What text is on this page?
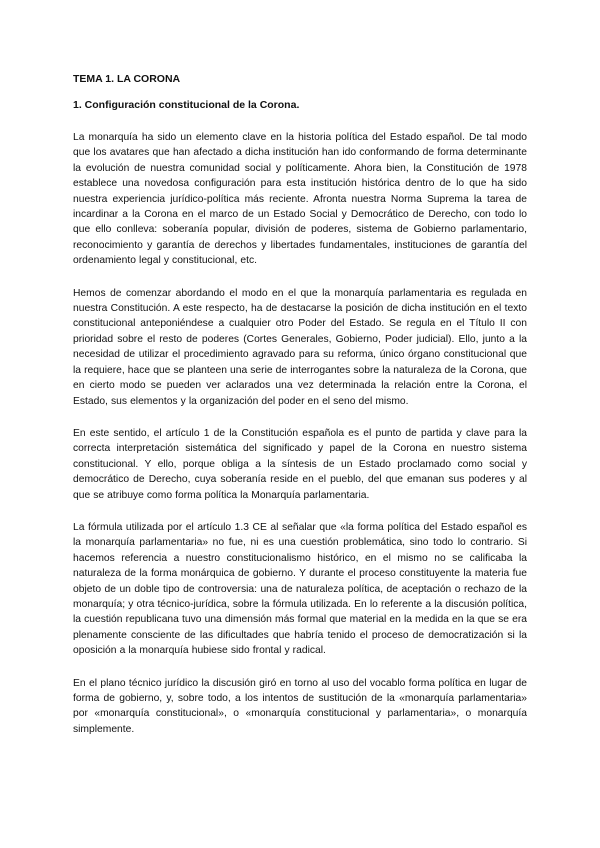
TEMA 1. LA CORONA

1. Configuración constitucional de la Corona.

La monarquía ha sido un elemento clave en la historia política del Estado español. De tal modo que los avatares que han afectado a dicha institución han ido conformando de forma determinante la evolución de nuestra comunidad social y políticamente. Ahora bien, la Constitución de 1978 establece una novedosa configuración para esta institución histórica dentro de lo que ha sido nuestra experiencia jurídico-política más reciente. Afronta nuestra Norma Suprema la tarea de incardinar a la Corona en el marco de un Estado Social y Democrático de Derecho, con todo lo que ello conlleva: soberanía popular, división de poderes, sistema de Gobierno parlamentario, reconocimiento y garantía de derechos y libertades fundamentales, instituciones de garantía del ordenamiento legal y constitucional, etc.

Hemos de comenzar abordando el modo en el que la monarquía parlamentaria es regulada en nuestra Constitución. A este respecto, ha de destacarse la posición de dicha institución en el texto constitucional anteponiéndese a cualquier otro Poder del Estado. Se regula en el Título II con prioridad sobre el resto de poderes (Cortes Generales, Gobierno, Poder judicial). Ello, junto a la necesidad de utilizar el procedimiento agravado para su reforma, único órgano constitucional que la requiere, hace que se planteen una serie de interrogantes sobre la naturaleza de la Corona, que en cierto modo se pueden ver aclarados una vez determinada la relación entre la Corona, el Estado, sus elementos y la organización del poder en el seno del mismo.

En este sentido, el artículo 1 de la Constitución española es el punto de partida y clave para la correcta interpretación sistemática del significado y papel de la Corona en nuestro sistema constitucional. Y ello, porque obliga a la síntesis de un Estado proclamado como social y democrático de Derecho, cuya soberanía reside en el pueblo, del que emanan sus poderes y al que se atribuye como forma política la Monarquía parlamentaria.

La fórmula utilizada por el artículo 1.3 CE al señalar que «la forma política del Estado español es la monarquía parlamentaria» no fue, ni es una cuestión problemática, sino todo lo contrario. Si hacemos referencia a nuestro constitucionalismo histórico, en el mismo no se calificaba la naturaleza de la forma monárquica de gobierno. Y durante el proceso constituyente la materia fue objeto de un doble tipo de controversia: una de naturaleza política, de aceptación o rechazo de la monarquía; y otra técnico-jurídica, sobre la fórmula utilizada. En lo referente a la discusión política, la cuestión republicana tuvo una dimensión más formal que material en la medida en la que se era plenamente consciente de las dificultades que habría tenido el proceso de democratización si la oposición a la monarquía hubiese sido frontal y radical.

En el plano técnico jurídico la discusión giró en torno al uso del vocablo forma política en lugar de forma de gobierno, y, sobre todo, a los intentos de sustitución de la «monarquía parlamentaria» por «monarquía constitucional», o «monarquía constitucional y parlamentaria», o monarquía simplemente.
